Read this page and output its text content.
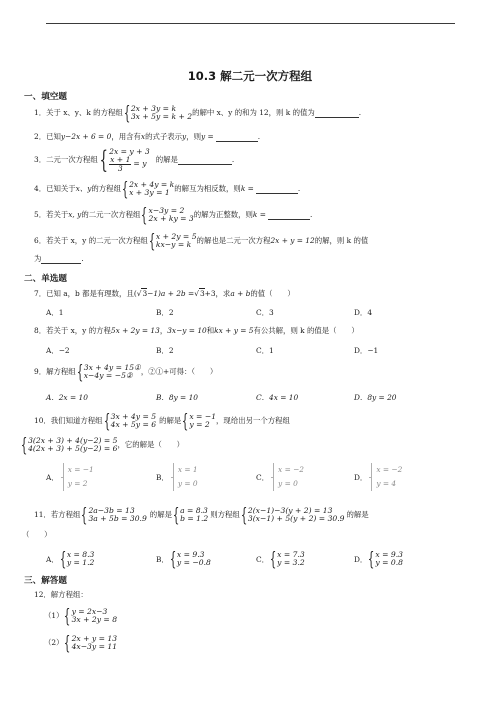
10.3 解二元一次方程组
一、填空题
1．关于 x、y、k 的方程组 { 2x + 3y = k
3x + 5y = k + 2 的解中 x、y 的和为 12，则 k 的值为	.
2．已知 y−2x + 6 = 0 ，用含有 x 的式子表示 y ，则 y =	.
3．二元一次方程组 { 2x = y + 3
$\frac{x + 1}{3} = y$ 的解是	.
4．已知关于 x、y 的方程组 { 2x + 4y = k
x + 3y = 1 的解互为相反数，则 k =	.
5．若关于 x, y 的二元一次方程组 { x−3y = 2
2x + ky = 3 的解为正整数，则 k =	.
6．若关于 x，y 的二元一次方程组 { x + 2y = 5
kx−y = k 的解也是二元一次方程 2x + y = 12 的解，则 k 的值
为	.
二、单选题
7．已知 a，b 都是有理数，且( √ 3 −1)a + 2b = √ 3 +3，求 a + b 的值（　　）
A．1	B．2	C．3	D．4
8．若关于 x，y 的方程 5x + 2y = 13 ， 3x−y = 10 和 kx + y = 5 有公共解，则 k 的值是（　　）
A．−2	B．2	C．1	D．−1
9．解方程组 { 3x + 4y = 15①
x−4y = −5②	，②①+可得：（　　）
A．2x = 10	B．8y = 10	C．4x = 10	D．8y = 20
10．我们知道方程组 { 3x + 4y = 5
4x + 5y = 6 的解是 { x = −1
y = 2 ，现给出另一个方程组
{ 3(2x + 3) + 4(y−2) = 5
4(2x + 3) + 5(y−2) = 6 ，它的解是（　　）
A．
x = −1
y = 2
B．
x = 1
y = 0
C．
x = −2
y = 0
D．
x = −2
y = 4
11．若方程组 { 2a−3b = 13
3a + 5b = 30.9 的解是 { a = 8.3
b = 1.2 则方程组 { 2(x−1)−3(y + 2) = 13
3(x−1) + 5(y + 2) = 30.9 的解是
（　　）
A． { x = 8.3
y = 1.2	B． { x = 9.3
y = −0.8	C． { x = 7.3
y = 3.2	D． { x = 9.3
y = 0.8
三、解答题
12．解方程组：
（1） { y = 2x−3
3x + 2y = 8
（2） { 2x + y = 13
4x−3y = 11
